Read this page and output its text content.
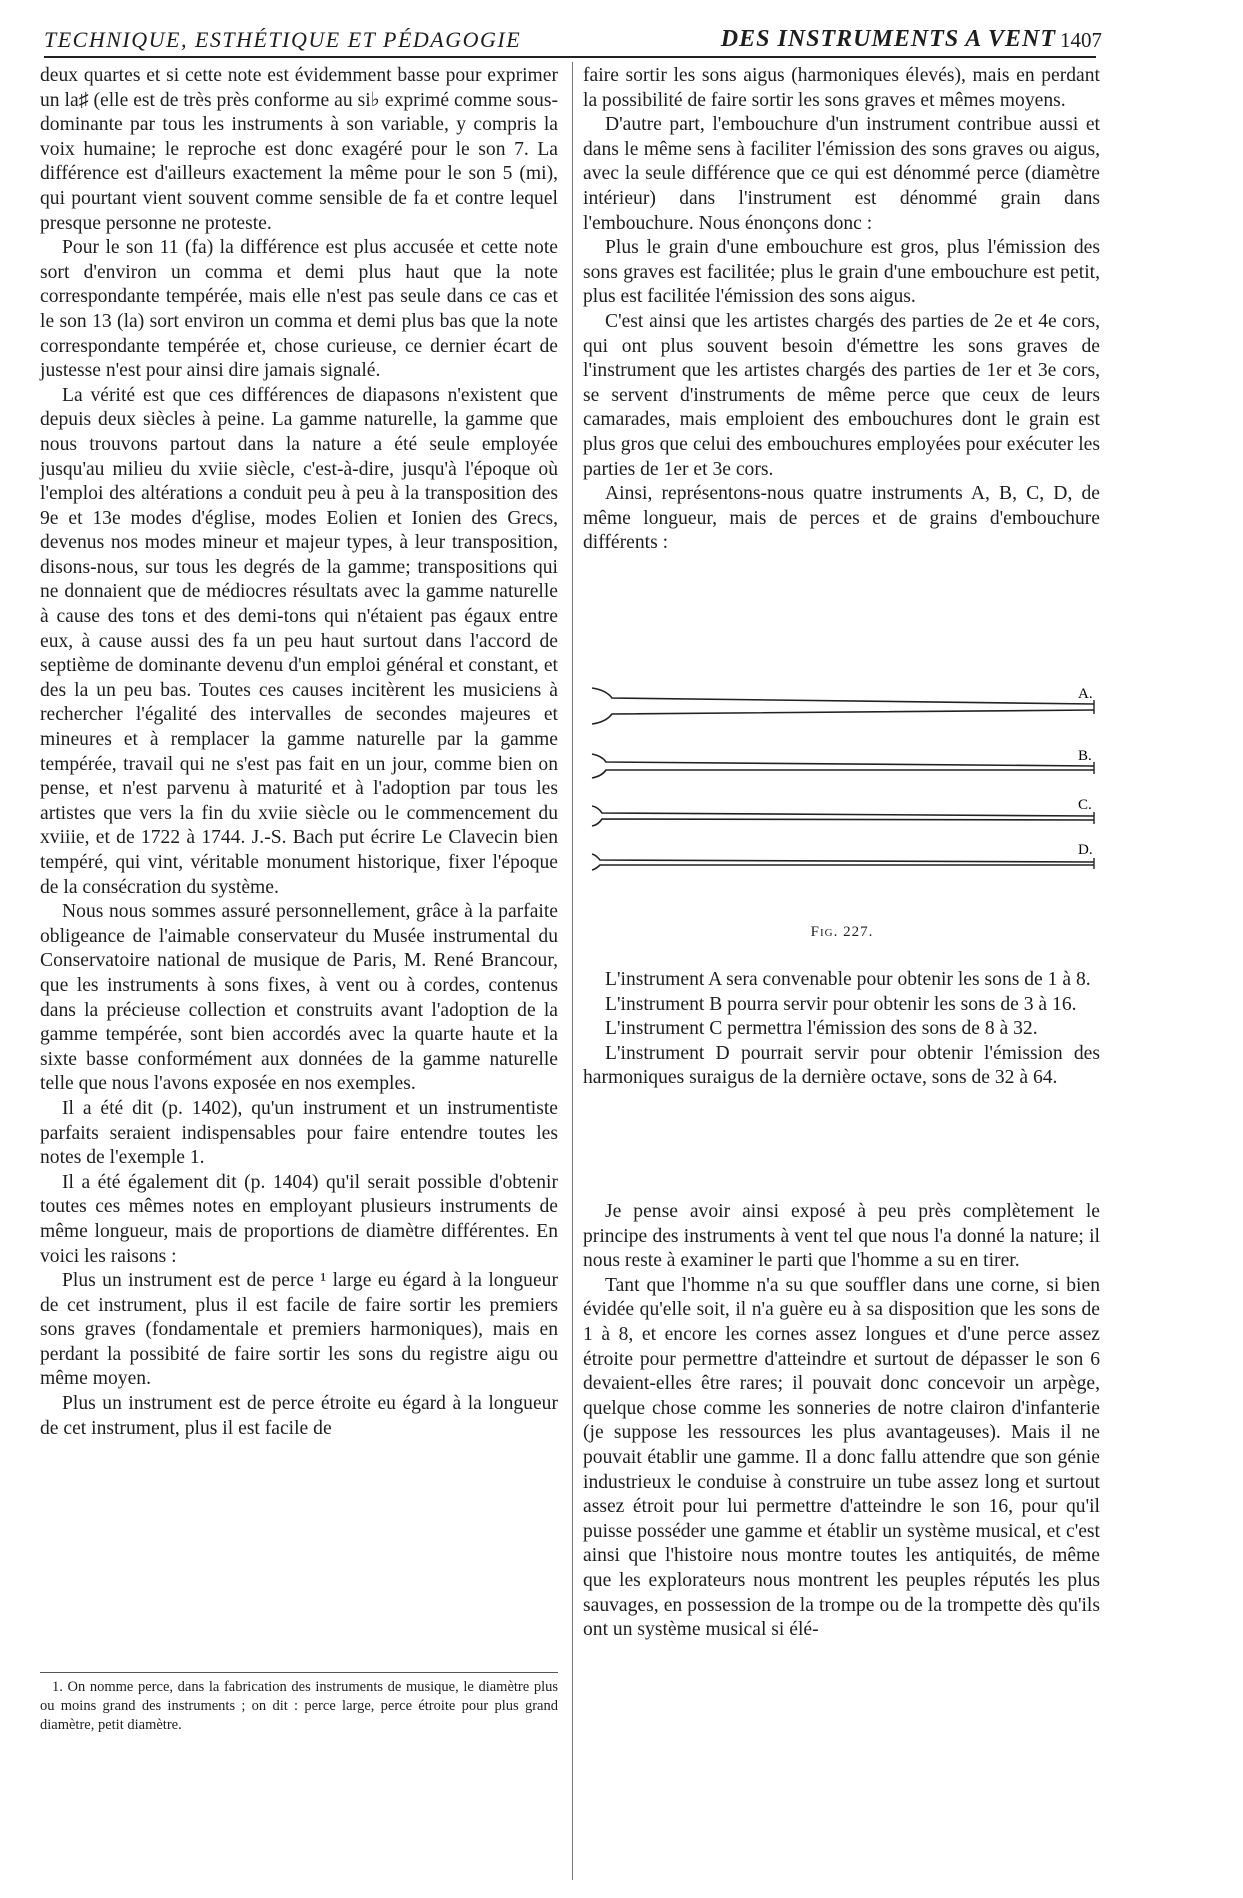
TECHNIQUE, ESTHÉTIQUE ET PÉDAGOGIE	DES INSTRUMENTS A VENT 1407

deux quartes et si cette note est évidemment basse pour exprimer un la♯ (elle est de très près conforme au si♭ exprimé comme sous-dominante par tous les instruments à son variable, y compris la voix humaine; le reproche est donc exagéré pour le son 7. La différence est d'ailleurs exactement la même pour le son 5 (mi), qui pourtant vient souvent comme sensible de fa et contre lequel presque personne ne proteste.

Pour le son 11 (fa) la différence est plus accusée et cette note sort d'environ un comma et demi plus haut que la note correspondante tempérée, mais elle n'est pas seule dans ce cas et le son 13 (la) sort environ un comma et demi plus bas que la note correspondante tempérée et, chose curieuse, ce dernier écart de justesse n'est pour ainsi dire jamais signalé.

La vérité est que ces différences de diapasons n'existent que depuis deux siècles à peine. La gamme naturelle, la gamme que nous trouvons partout dans la nature a été seule employée jusqu'au milieu du xviie siècle, c'est-à-dire, jusqu'à l'époque où l'emploi des altérations a conduit peu à peu à la transposition des 9e et 13e modes d'église, modes Eolien et Ionien des Grecs, devenus nos modes mineur et majeur types, à leur transposition, disons-nous, sur tous les degrés de la gamme; transpositions qui ne donnaient que de médiocres résultats avec la gamme naturelle à cause des tons et des demi-tons qui n'étaient pas égaux entre eux, à cause aussi des fa un peu haut surtout dans l'accord de septième de dominante devenu d'un emploi général et constant, et des la un peu bas. Toutes ces causes incitèrent les musiciens à rechercher l'égalité des intervalles de secondes majeures et mineures et à remplacer la gamme naturelle par la gamme tempérée, travail qui ne s'est pas fait en un jour, comme bien on pense, et n'est parvenu à maturité et à l'adoption par tous les artistes que vers la fin du xviie siècle ou le commencement du xviiie, et de 1722 à 1744. J.-S. Bach put écrire Le Clavecin bien tempéré, qui vint, véritable monument historique, fixer l'époque de la consécration du système.

Nous nous sommes assuré personnellement, grâce à la parfaite obligeance de l'aimable conservateur du Musée instrumental du Conservatoire national de musique de Paris, M. René Brancour, que les instruments à sons fixes, à vent ou à cordes, contenus dans la précieuse collection et construits avant l'adoption de la gamme tempérée, sont bien accordés avec la quarte haute et la sixte basse conformément aux données de la gamme naturelle telle que nous l'avons exposée en nos exemples.

Il a été dit (p. 1402), qu'un instrument et un instrumentiste parfaits seraient indispensables pour faire entendre toutes les notes de l'exemple 1.

Il a été également dit (p. 1404) qu'il serait possible d'obtenir toutes ces mêmes notes en employant plusieurs instruments de même longueur, mais de proportions de diamètre différentes. En voici les raisons :

Plus un instrument est de perce ¹ large eu égard à la longueur de cet instrument, plus il est facile de faire sortir les premiers sons graves (fondamentale et premiers harmoniques), mais en perdant la possibité de faire sortir les sons du registre aigu ou même moyen.

Plus un instrument est de perce étroite eu égard à la longueur de cet instrument, plus il est facile de

1. On nomme perce, dans la fabrication des instruments de musique, le diamètre plus ou moins grand des instruments ; on dit : perce large, perce étroite pour plus grand diamètre, petit diamètre.

faire sortir les sons aigus (harmoniques élevés), mais en perdant la possibilité de faire sortir les sons graves et mêmes moyens.

D'autre part, l'embouchure d'un instrument contribue aussi et dans le même sens à faciliter l'émission des sons graves ou aigus, avec la seule différence que ce qui est dénommé perce (diamètre intérieur) dans l'instrument est dénommé grain dans l'embouchure. Nous énonçons donc :

Plus le grain d'une embouchure est gros, plus l'émission des sons graves est facilitée; plus le grain d'une embouchure est petit, plus est facilitée l'émission des sons aigus.

C'est ainsi que les artistes chargés des parties de 2e et 4e cors, qui ont plus souvent besoin d'émettre les sons graves de l'instrument que les artistes chargés des parties de 1er et 3e cors, se servent d'instruments de même perce que ceux de leurs camarades, mais emploient des embouchures dont le grain est plus gros que celui des embouchures employées pour exécuter les parties de 1er et 3e cors.

Ainsi, représentons-nous quatre instruments A, B, C, D, de même longueur, mais de perces et de grains d'embouchure différents :

A.
B.
C.
D.
Fig. 227.

L'instrument A sera convenable pour obtenir les sons de 1 à 8.

L'instrument B pourra servir pour obtenir les sons de 3 à 16.

L'instrument C permettra l'émission des sons de 8 à 32.

L'instrument D pourrait servir pour obtenir l'émission des harmoniques suraigus de la dernière octave, sons de 32 à 64.

Je pense avoir ainsi exposé à peu près complètement le principe des instruments à vent tel que nous l'a donné la nature; il nous reste à examiner le parti que l'homme a su en tirer.

Tant que l'homme n'a su que souffler dans une corne, si bien évidée qu'elle soit, il n'a guère eu à sa disposition que les sons de 1 à 8, et encore les cornes assez longues et d'une perce assez étroite pour permettre d'atteindre et surtout de dépasser le son 6 devaient-elles être rares; il pouvait donc concevoir un arpège, quelque chose comme les sonneries de notre clairon d'infanterie (je suppose les ressources les plus avantageuses). Mais il ne pouvait établir une gamme. Il a donc fallu attendre que son génie industrieux le conduise à construire un tube assez long et surtout assez étroit pour lui permettre d'atteindre le son 16, pour qu'il puisse posséder une gamme et établir un système musical, et c'est ainsi que l'histoire nous montre toutes les antiquités, de même que les explorateurs nous montrent les peuples réputés les plus sauvages, en possession de la trompe ou de la trompette dès qu'ils ont un système musical si élé-
